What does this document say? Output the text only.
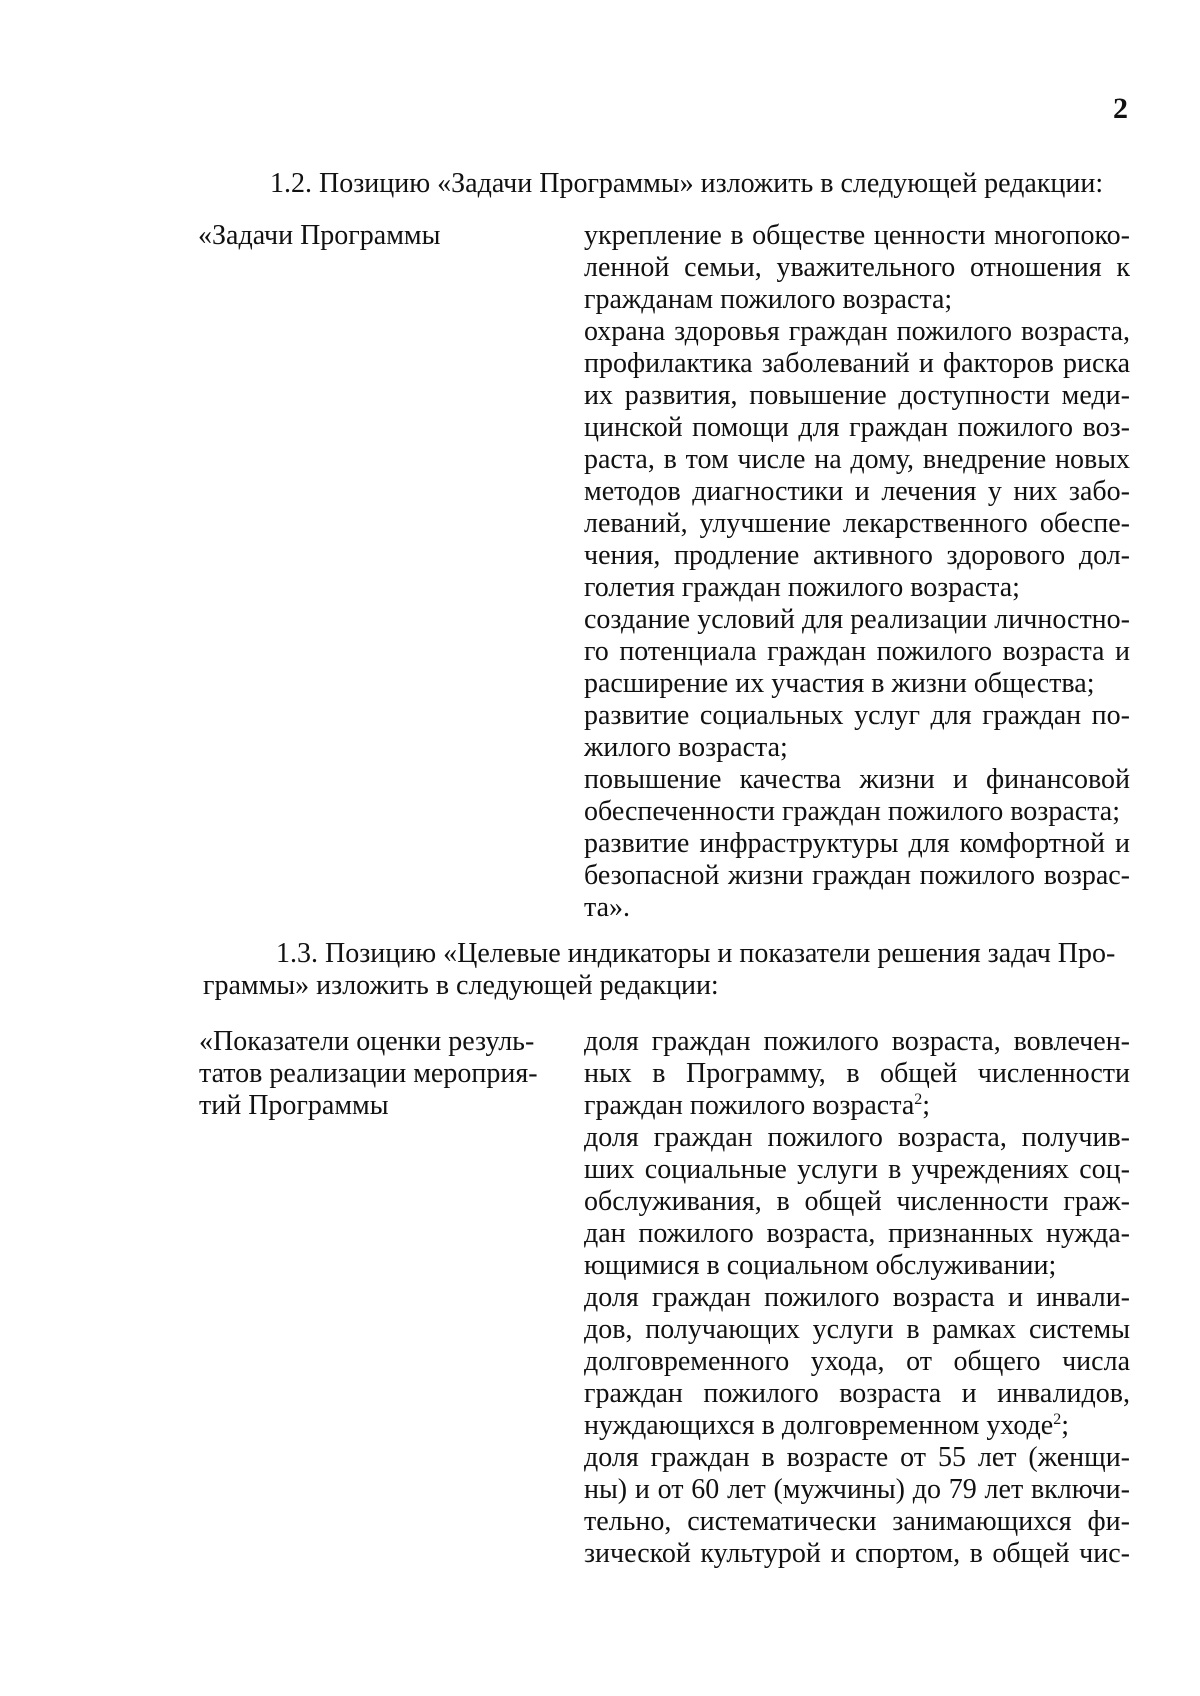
2
1.2. Позицию «Задачи Программы» изложить в следующей редакции:
«Задачи Программы	укрепление в обществе ценности многопоко-
ленной семьи, уважительного отношения к
гражданам пожилого возраста;
охрана здоровья граждан пожилого возраста,
профилактика заболеваний и факторов риска
их развития, повышение доступности меди-
цинской помощи для граждан пожилого воз-
раста, в том числе на дому, внедрение новых
методов диагностики и лечения у них забо-
леваний, улучшение лекарственного обеспе-
чения, продление активного здорового дол-
голетия граждан пожилого возраста;
создание условий для реализации личностно-
го потенциала граждан пожилого возраста и
расширение их участия в жизни общества;
развитие социальных услуг для граждан по-
жилого возраста;
повышение качества жизни и финансовой
обеспеченности граждан пожилого возраста;
развитие инфраструктуры для комфортной и
безопасной жизни граждан пожилого возрас-
та».
1.3. Позицию «Целевые индикаторы и показатели решения задач Про-
граммы» изложить в следующей редакции:
«Показатели оценки резуль-
татов реализации мероприя-
тий Программы
доля граждан пожилого возраста, вовлечен-
ных в Программу, в общей численности
граждан пожилого возраста$^2$;
доля граждан пожилого возраста, получив-
ших социальные услуги в учреждениях соц-
обслуживания, в общей численности граж-
дан пожилого возраста, признанных нужда-
ющимися в социальном обслуживании;
доля граждан пожилого возраста и инвали-
дов, получающих услуги в рамках системы
долговременного ухода, от общего числа
граждан пожилого возраста и инвалидов,
нуждающихся в долговременном уходе$^2$;
доля граждан в возрасте от 55 лет (женщи-
ны) и от 60 лет (мужчины) до 79 лет включи-
тельно, систематически занимающихся фи-
зической культурой и спортом, в общей чис-
